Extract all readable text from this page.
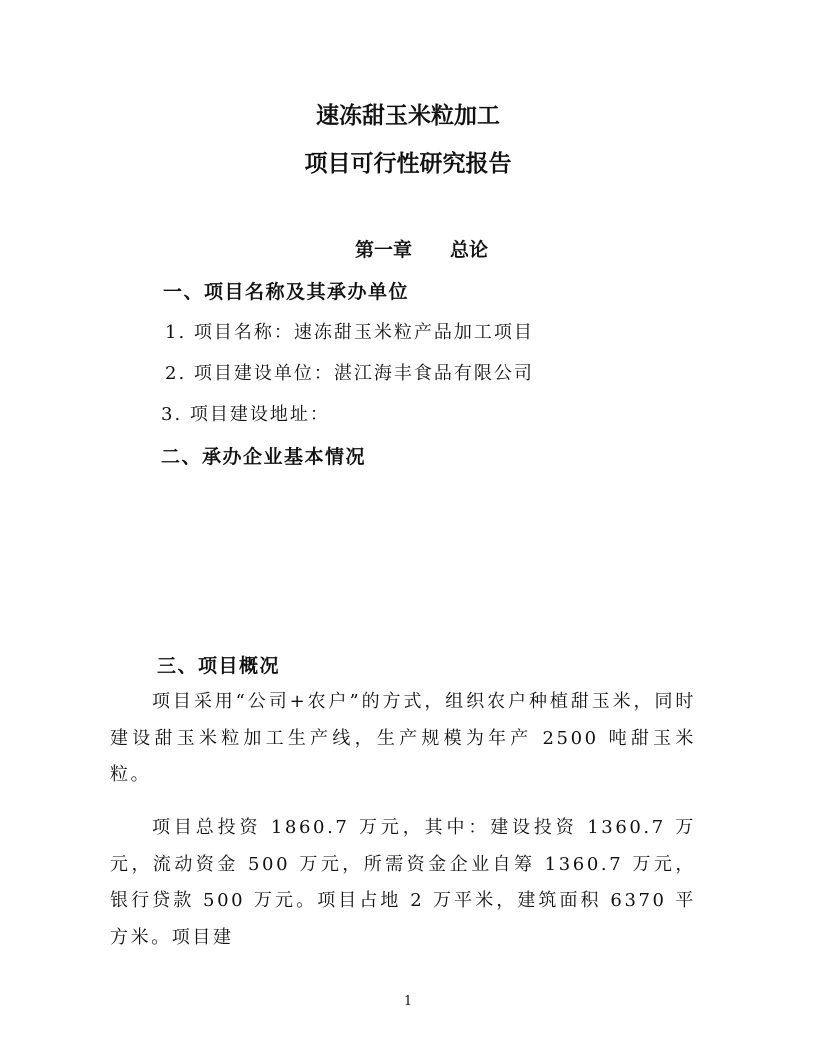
速冻甜玉米粒加工
项目可行性研究报告
第一章 总论
一、项目名称及其承办单位
1. 项目名称：速冻甜玉米粒产品加工项目
2. 项目建设单位：湛江海丰食品有限公司
3. 项目建设地址：
二、承办企业基本情况
三、项目概况
项目采用“公司+农户”的方式，组织农户种植甜玉米，同时建设甜玉米粒加工生产线，生产规模为年产 2500 吨甜玉米粒。
项目总投资 1860.7 万元，其中：建设投资 1360.7 万元，流动资金 500 万元，所需资金企业自筹 1360.7 万元，银行贷款 500 万元。项目占地 2 万平米，建筑面积 6370 平方米。项目建
1
